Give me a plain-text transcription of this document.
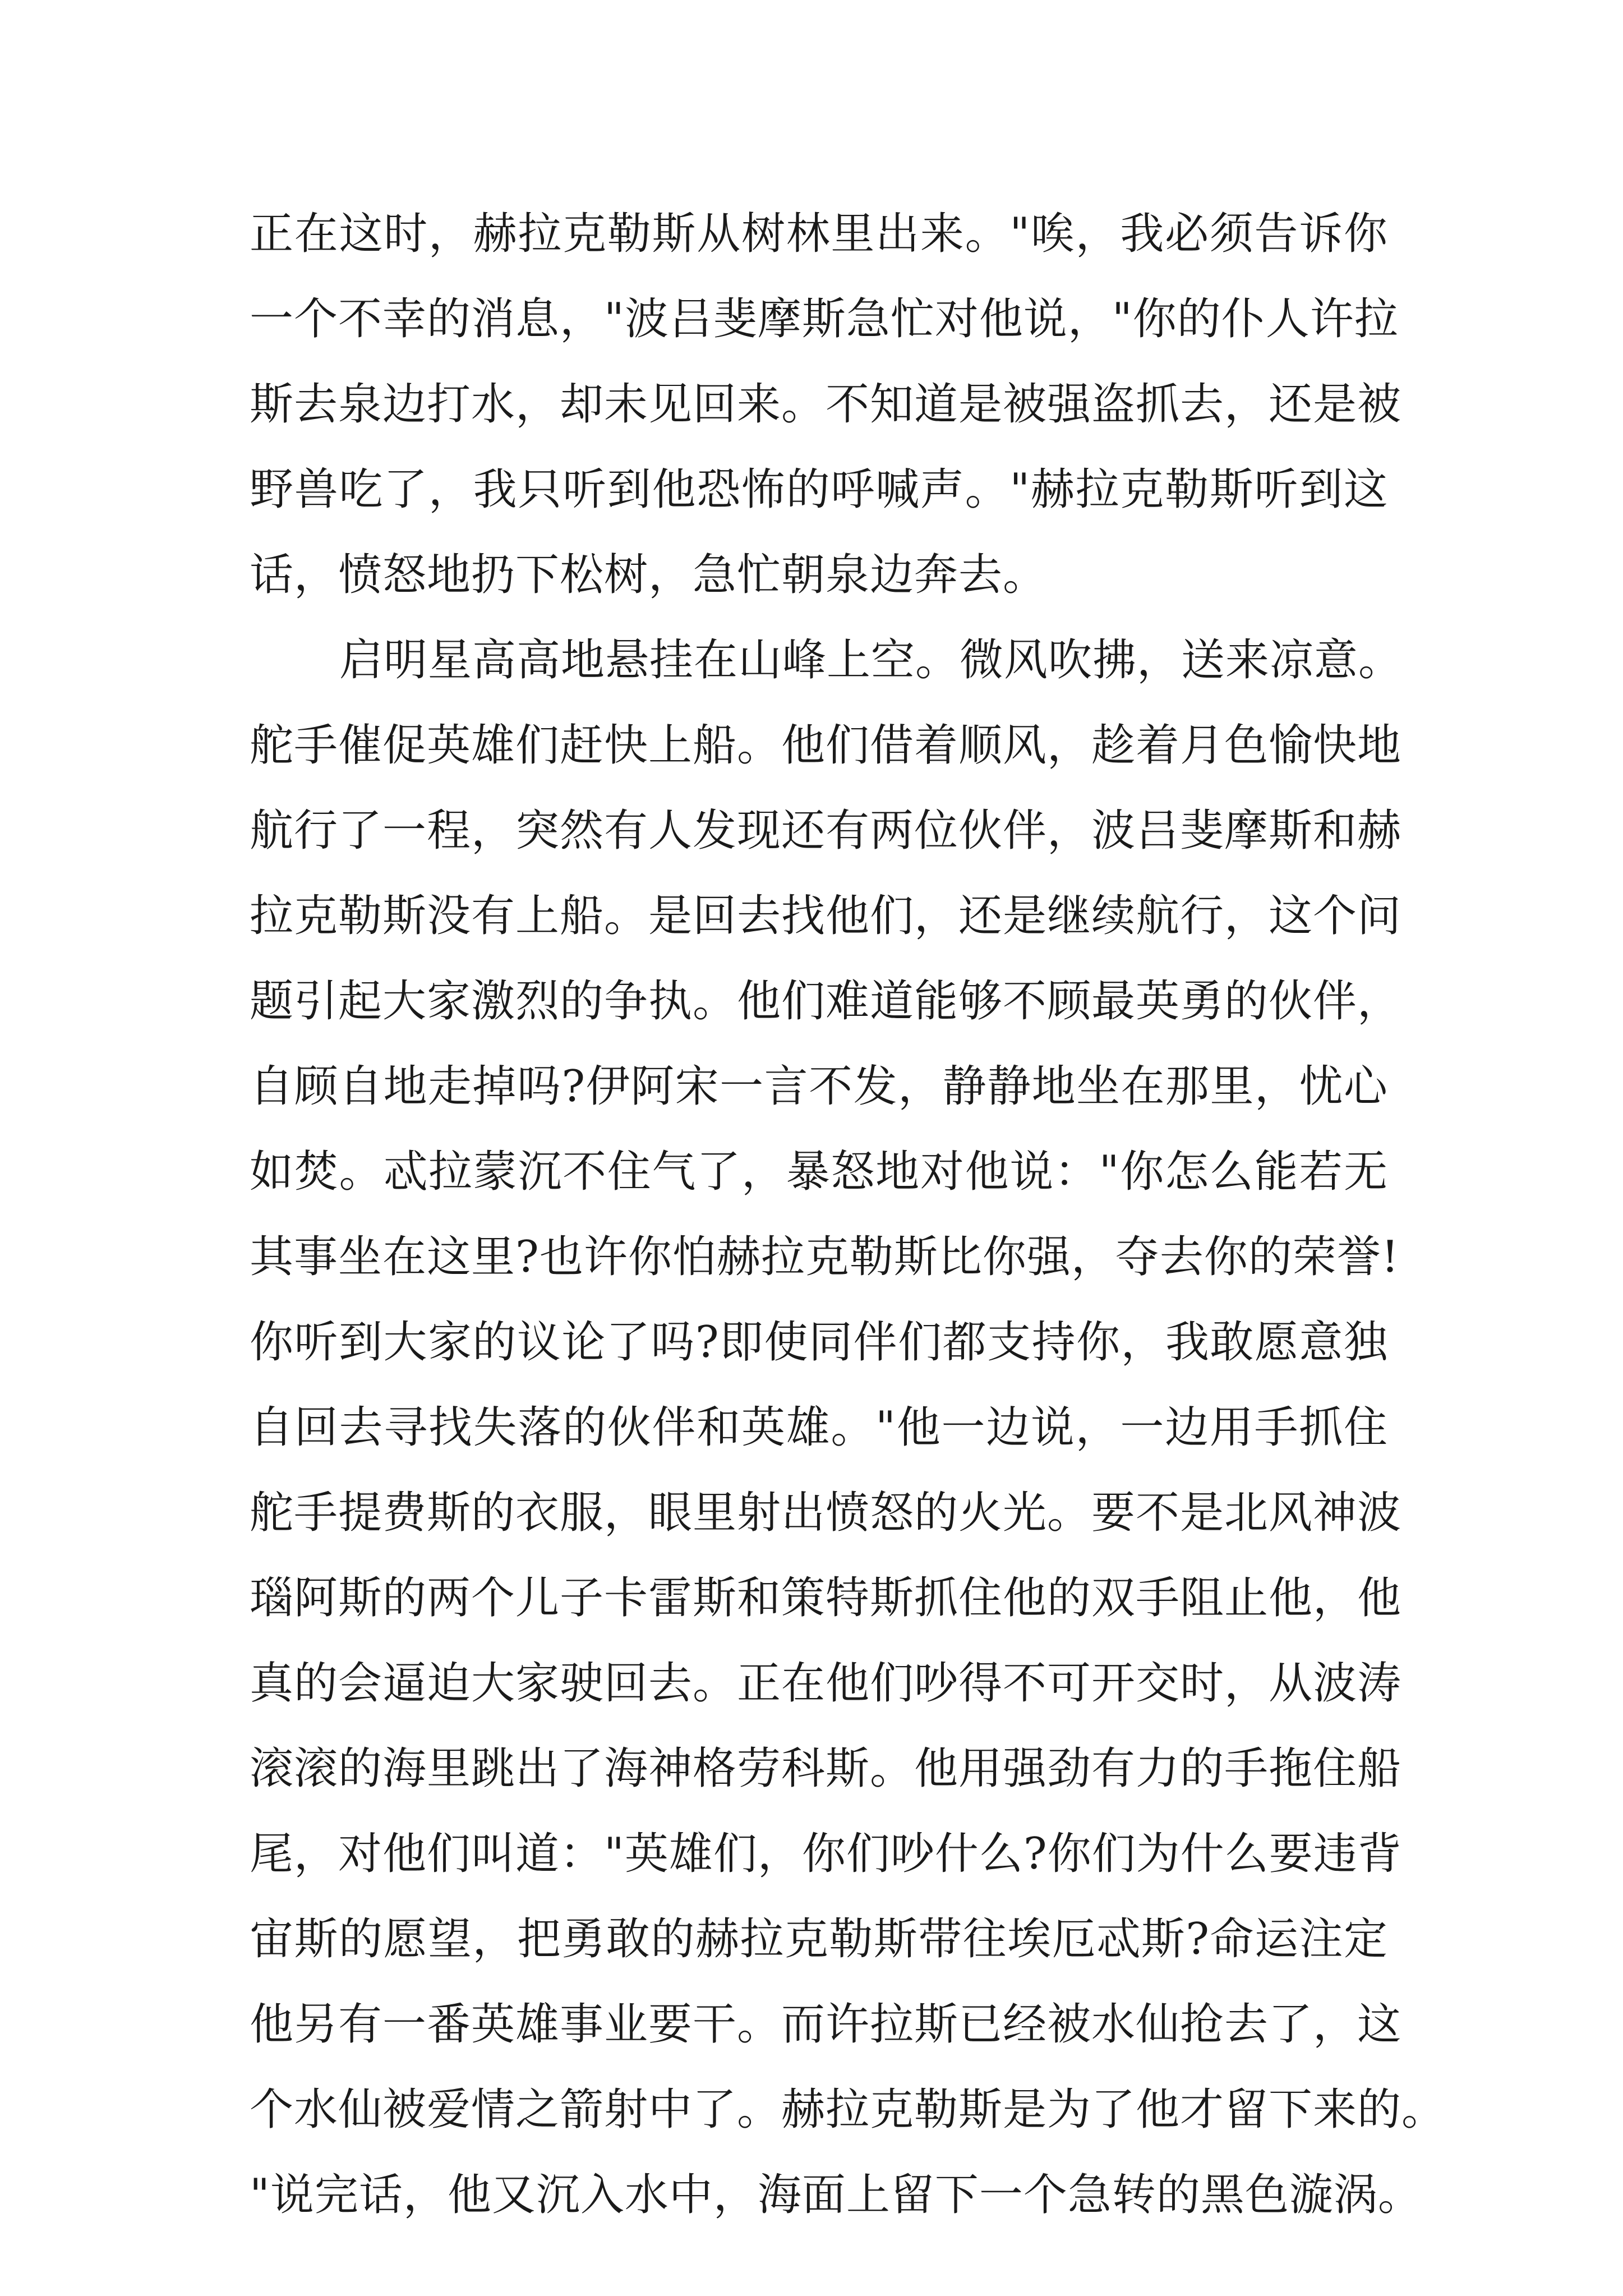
正在这时，赫拉克勒斯从树林里出来。"唉，我必须告诉你
一个不幸的消息，"波吕斐摩斯急忙对他说，"你的仆人许拉
斯去泉边打水，却未见回来。不知道是被强盗抓去，还是被
野兽吃了，我只听到他恐怖的呼喊声。"赫拉克勒斯听到这
话，愤怒地扔下松树，急忙朝泉边奔去。
启明星高高地悬挂在山峰上空。微风吹拂，送来凉意。
舵手催促英雄们赶快上船。他们借着顺风，趁着月色愉快地
航行了一程，突然有人发现还有两位伙伴，波吕斐摩斯和赫
拉克勒斯没有上船。是回去找他们，还是继续航行，这个问
题引起大家激烈的争执。他们难道能够不顾最英勇的伙伴，
自顾自地走掉吗?伊阿宋一言不发，静静地坐在那里，忧心
如焚。忒拉蒙沉不住气了，暴怒地对他说："你怎么能若无
其事坐在这里?也许你怕赫拉克勒斯比你强，夺去你的荣誉!
你听到大家的议论了吗?即使同伴们都支持你，我敢愿意独
自回去寻找失落的伙伴和英雄。"他一边说，一边用手抓住
舵手提费斯的衣服，眼里射出愤怒的火光。要不是北风神波
瑙阿斯的两个儿子卡雷斯和策特斯抓住他的双手阻止他，他
真的会逼迫大家驶回去。正在他们吵得不可开交时，从波涛
滚滚的海里跳出了海神格劳科斯。他用强劲有力的手拖住船
尾，对他们叫道："英雄们，你们吵什么?你们为什么要违背
宙斯的愿望，把勇敢的赫拉克勒斯带往埃厄忒斯?命运注定
他另有一番英雄事业要干。而许拉斯已经被水仙抢去了，这
个水仙被爱情之箭射中了。赫拉克勒斯是为了他才留下来的。
"说完话，他又沉入水中，海面上留下一个急转的黑色漩涡。
